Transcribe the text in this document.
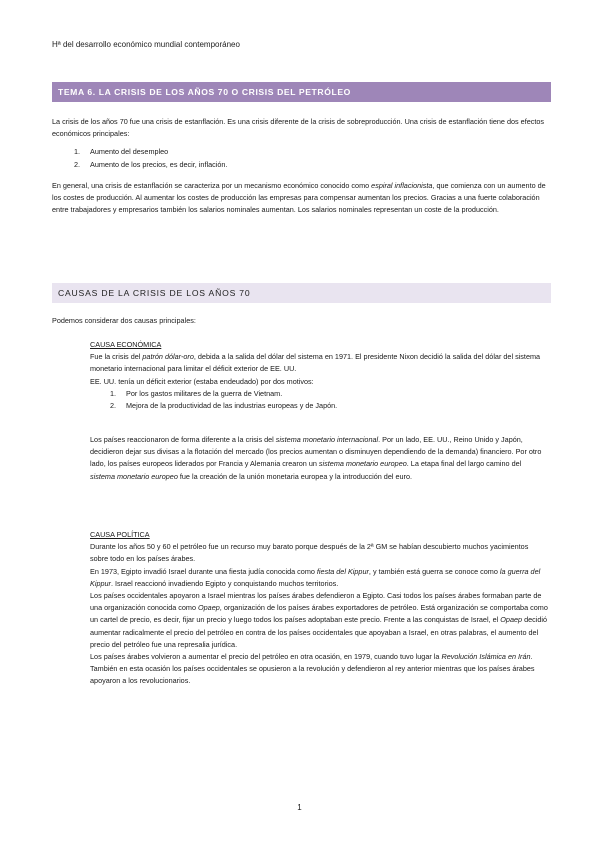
Hª del desarrollo económico mundial contemporáneo
TEMA 6. LA CRISIS DE LOS AÑOS 70 O CRISIS DEL PETRÓLEO

La crisis de los años 70 fue una crisis de estanflación. Es una crisis diferente de la crisis de sobreproducción. Una crisis de estanflación tiene dos efectos económicos principales:

1. Aumento del desempleo
2. Aumento de los precios, es decir, inflación.

En general, una crisis de estanflación se caracteriza por un mecanismo económico conocido como espiral inflacionista, que comienza con un aumento de los costes de producción. Al aumentar los costes de producción las empresas para compensar aumentan los precios. Gracias a una fuerte colaboración entre trabajadores y empresarios también los salarios nominales aumentan. Los salarios nominales representan un coste de la producción.

CAUSAS DE LA CRISIS DE LOS AÑOS 70
Podemos considerar dos causas principales:

CAUSA ECONÓMICA

Fue la crisis del patrón dólar-oro, debida a la salida del dólar del sistema en 1971. El presidente Nixon decidió la salida del dólar del sistema monetario internacional para limitar el déficit exterior de EE. UU.

EE. UU. tenía un déficit exterior (estaba endeudado) por dos motivos:

1. Por los gastos militares de la guerra de Vietnam.
2. Mejora de la productividad de las industrias europeas y de Japón.

Los países reaccionaron de forma diferente a la crisis del sistema monetario internacional. Por un lado, EE. UU., Reino Unido y Japón, decidieron dejar sus divisas a la flotación del mercado (los precios aumentan o disminuyen dependiendo de la demanda) financiero. Por otro lado, los países europeos liderados por Francia y Alemania crearon un sistema monetario europeo. La etapa final del largo camino del sistema monetario europeo fue la creación de la unión monetaria europea y la introducción del euro.

CAUSA POLÍTICA

Durante los años 50 y 60 el petróleo fue un recurso muy barato porque después de la 2ª GM se habían descubierto muchos yacimientos sobre todo en los países árabes.

En 1973, Egipto invadió Israel durante una fiesta judía conocida como fiesta del Kippur, y también está guerra se conoce como la guerra del Kippur. Israel reaccionó invadiendo Egipto y conquistando muchos territorios.

Los países occidentales apoyaron a Israel mientras los países árabes defendieron a Egipto. Casi todos los países árabes formaban parte de una organización conocida como Opaep, organización de los países árabes exportadores de petróleo. Está organización se comportaba como un cartel de precio, es decir, fijar un precio y luego todos los países adoptaban este precio. Frente a las conquistas de Israel, el Opaep decidió aumentar radicalmente el precio del petróleo en contra de los países occidentales que apoyaban a Israel, en otras palabras, el aumento del precio del petróleo fue una represalia jurídica.

Los países árabes volvieron a aumentar el precio del petróleo en otra ocasión, en 1979, cuando tuvo lugar la Revolución Islámica en Irán. También en esta ocasión los países occidentales se opusieron a la revolución y defendieron al rey anterior mientras que los países árabes apoyaron a los revolucionarios.

1
